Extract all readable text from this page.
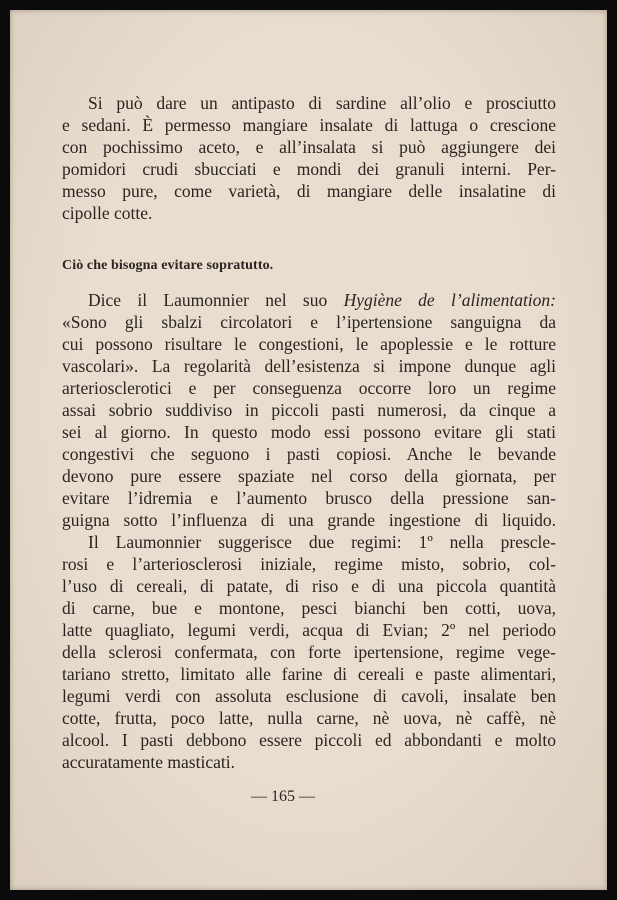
Si può dare un antipasto di sardine all’olio e prosciutto
e sedani. È permesso mangiare insalate di lattuga o crescione
con pochissimo aceto, e all’insalata si può aggiungere dei
pomidori crudi sbucciati e mondi dei granuli interni. Per-
messo pure, come varietà, di mangiare delle insalatine di
cipolle cotte.
Ciò che bisogna evitare sopratutto.
Dice il Laumonnier nel suo Hygiène de l’alimentation:
«Sono gli sbalzi circolatori e l’ipertensione sanguigna da
cui possono risultare le congestioni, le apoplessie e le rotture
vascolari». La regolarità dell’esistenza si impone dunque agli
arteriosclerotici e per conseguenza occorre loro un regime
assai sobrio suddiviso in piccoli pasti numerosi, da cinque a
sei al giorno. In questo modo essi possono evitare gli stati
congestivi che seguono i pasti copiosi. Anche le bevande
devono pure essere spaziate nel corso della giornata, per
evitare l’idremia e l’aumento brusco della pressione san-
guigna sotto l’influenza di una grande ingestione di liquido.
Il Laumonnier suggerisce due regimi: 1º nella prescle-
rosi e l’arteriosclerosi iniziale, regime misto, sobrio, col-
l’uso di cereali, di patate, di riso e di una piccola quantità
di carne, bue e montone, pesci bianchi ben cotti, uova,
latte quagliato, legumi verdi, acqua di Evian; 2º nel periodo
della sclerosi confermata, con forte ipertensione, regime vege-
tariano stretto, limitato alle farine di cereali e paste alimentari,
legumi verdi con assoluta esclusione di cavoli, insalate ben
cotte, frutta, poco latte, nulla carne, nè uova, nè caffè, nè
alcool. I pasti debbono essere piccoli ed abbondanti e molto
accuratamente masticati.
— 165 —
